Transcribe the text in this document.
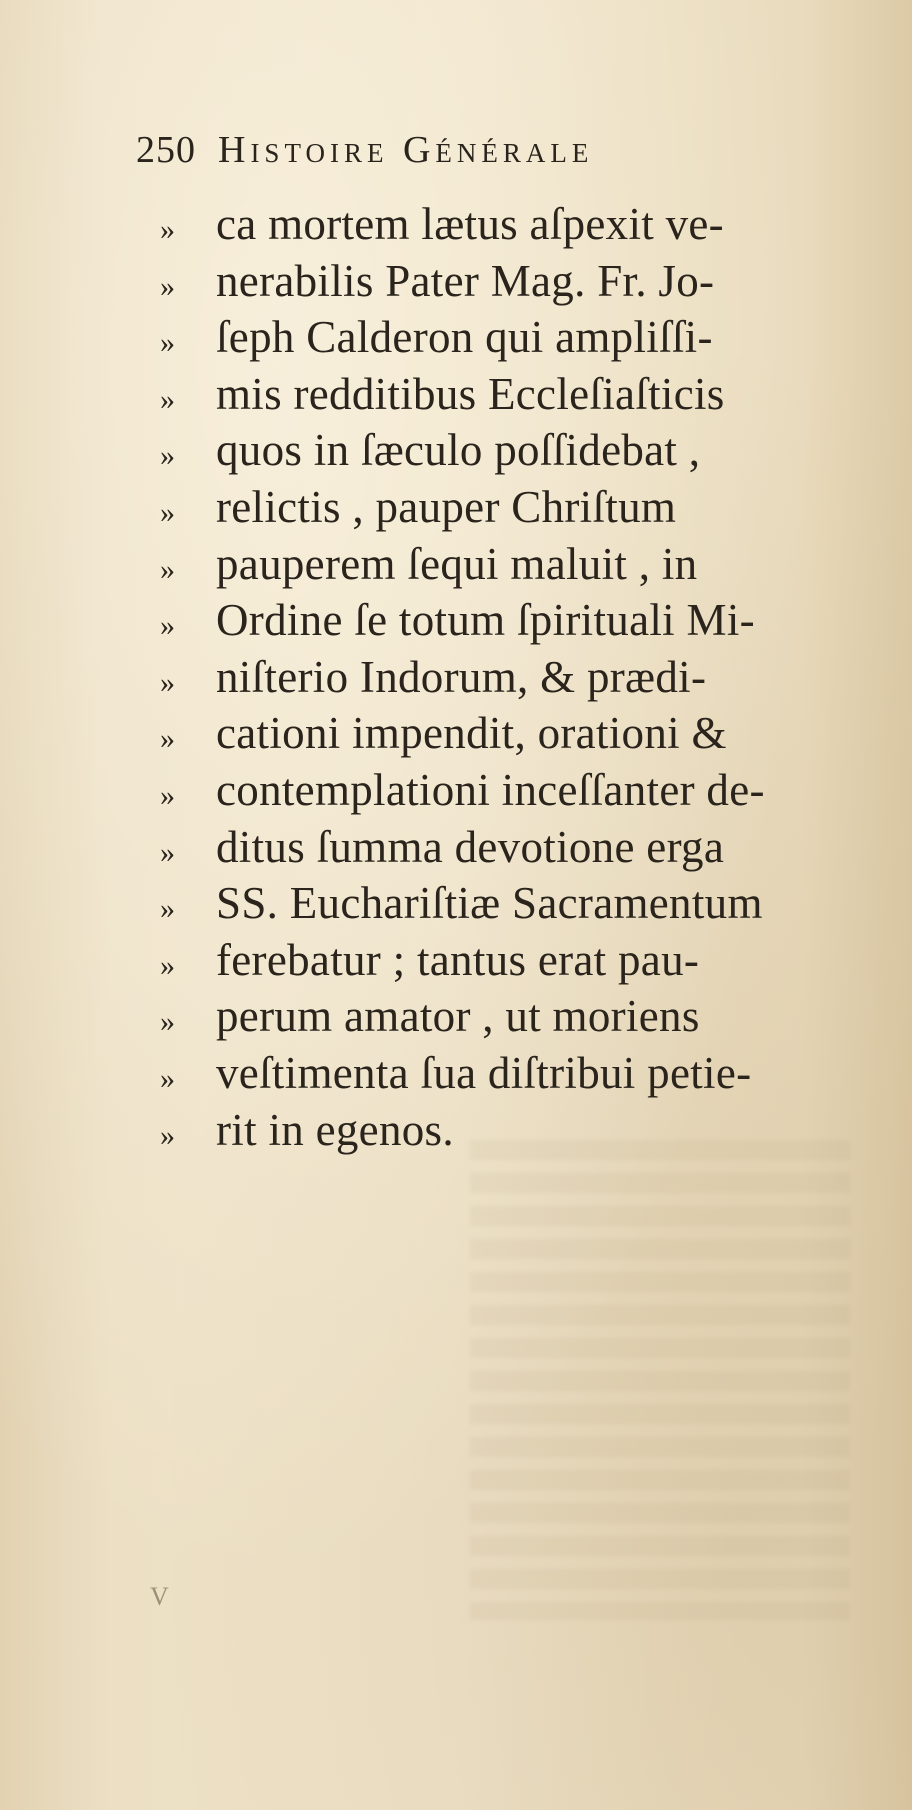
250 Histoire Générale
» ca mortem lætus aſpexit ve-
» nerabilis Pater Mag. Fr. Jo-
» ſeph Calderon qui ampliſſi-
» mis redditibus Eccleſiaſticis
» quos in ſæculo poſſidebat ,
» relictis , pauper Chriſtum
» pauperem ſequi maluit , in
» Ordine ſe totum ſpirituali Mi-
» niſterio Indorum, & prædi-
» cationi impendit, orationi &
» contemplationi inceſſanter de-
» ditus ſumma devotione erga
» SS. Euchariſtiæ Sacramentum
» ferebatur ; tantus erat pau-
» perum amator , ut moriens
» veſtimenta ſua diſtribui petie-
» rit in egenos.
V
